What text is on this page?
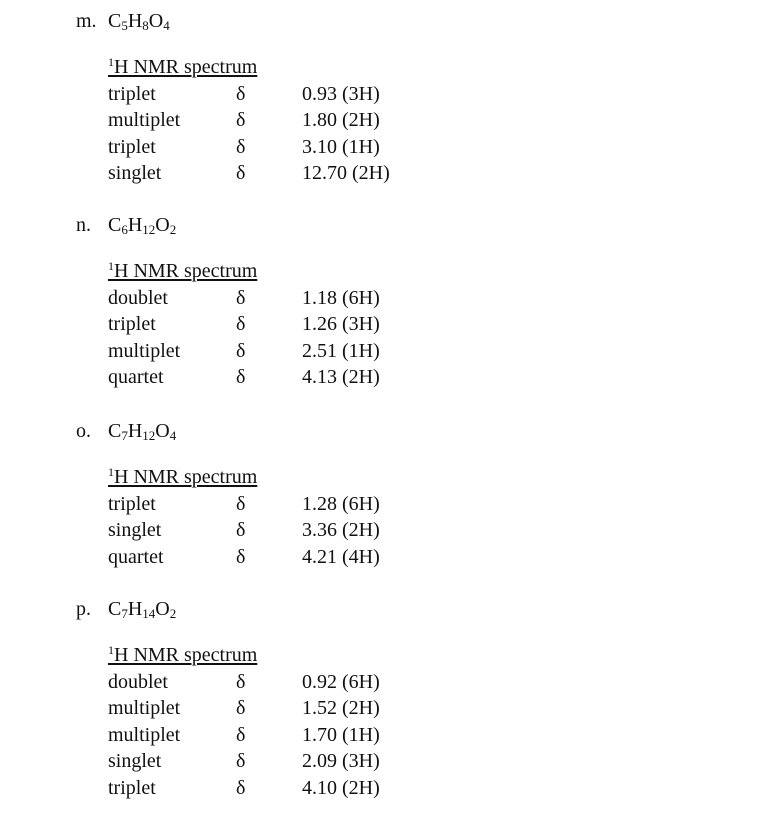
m. $C_5H_8O_4$
$^1$H NMR spectrum
triplet	δ	0.93 (3H)
multiplet	δ	1.80 (2H)
triplet	δ	3.10 (1H)
singlet	δ	12.70 (2H)
n. $C_6H_{12}O_2$
$^1$H NMR spectrum
doublet	δ	1.18 (6H)
triplet	δ	1.26 (3H)
multiplet	δ	2.51 (1H)
quartet	δ	4.13 (2H)
o. $C_7H_{12}O_4$
$^1$H NMR spectrum
triplet	δ	1.28 (6H)
singlet	δ	3.36 (2H)
quartet	δ	4.21 (4H)
p. $C_7H_{14}O_2$
$^1$H NMR spectrum
doublet	δ	0.92 (6H)
multiplet	δ	1.52 (2H)
multiplet	δ	1.70 (1H)
singlet	δ	2.09 (3H)
triplet	δ	4.10 (2H)
